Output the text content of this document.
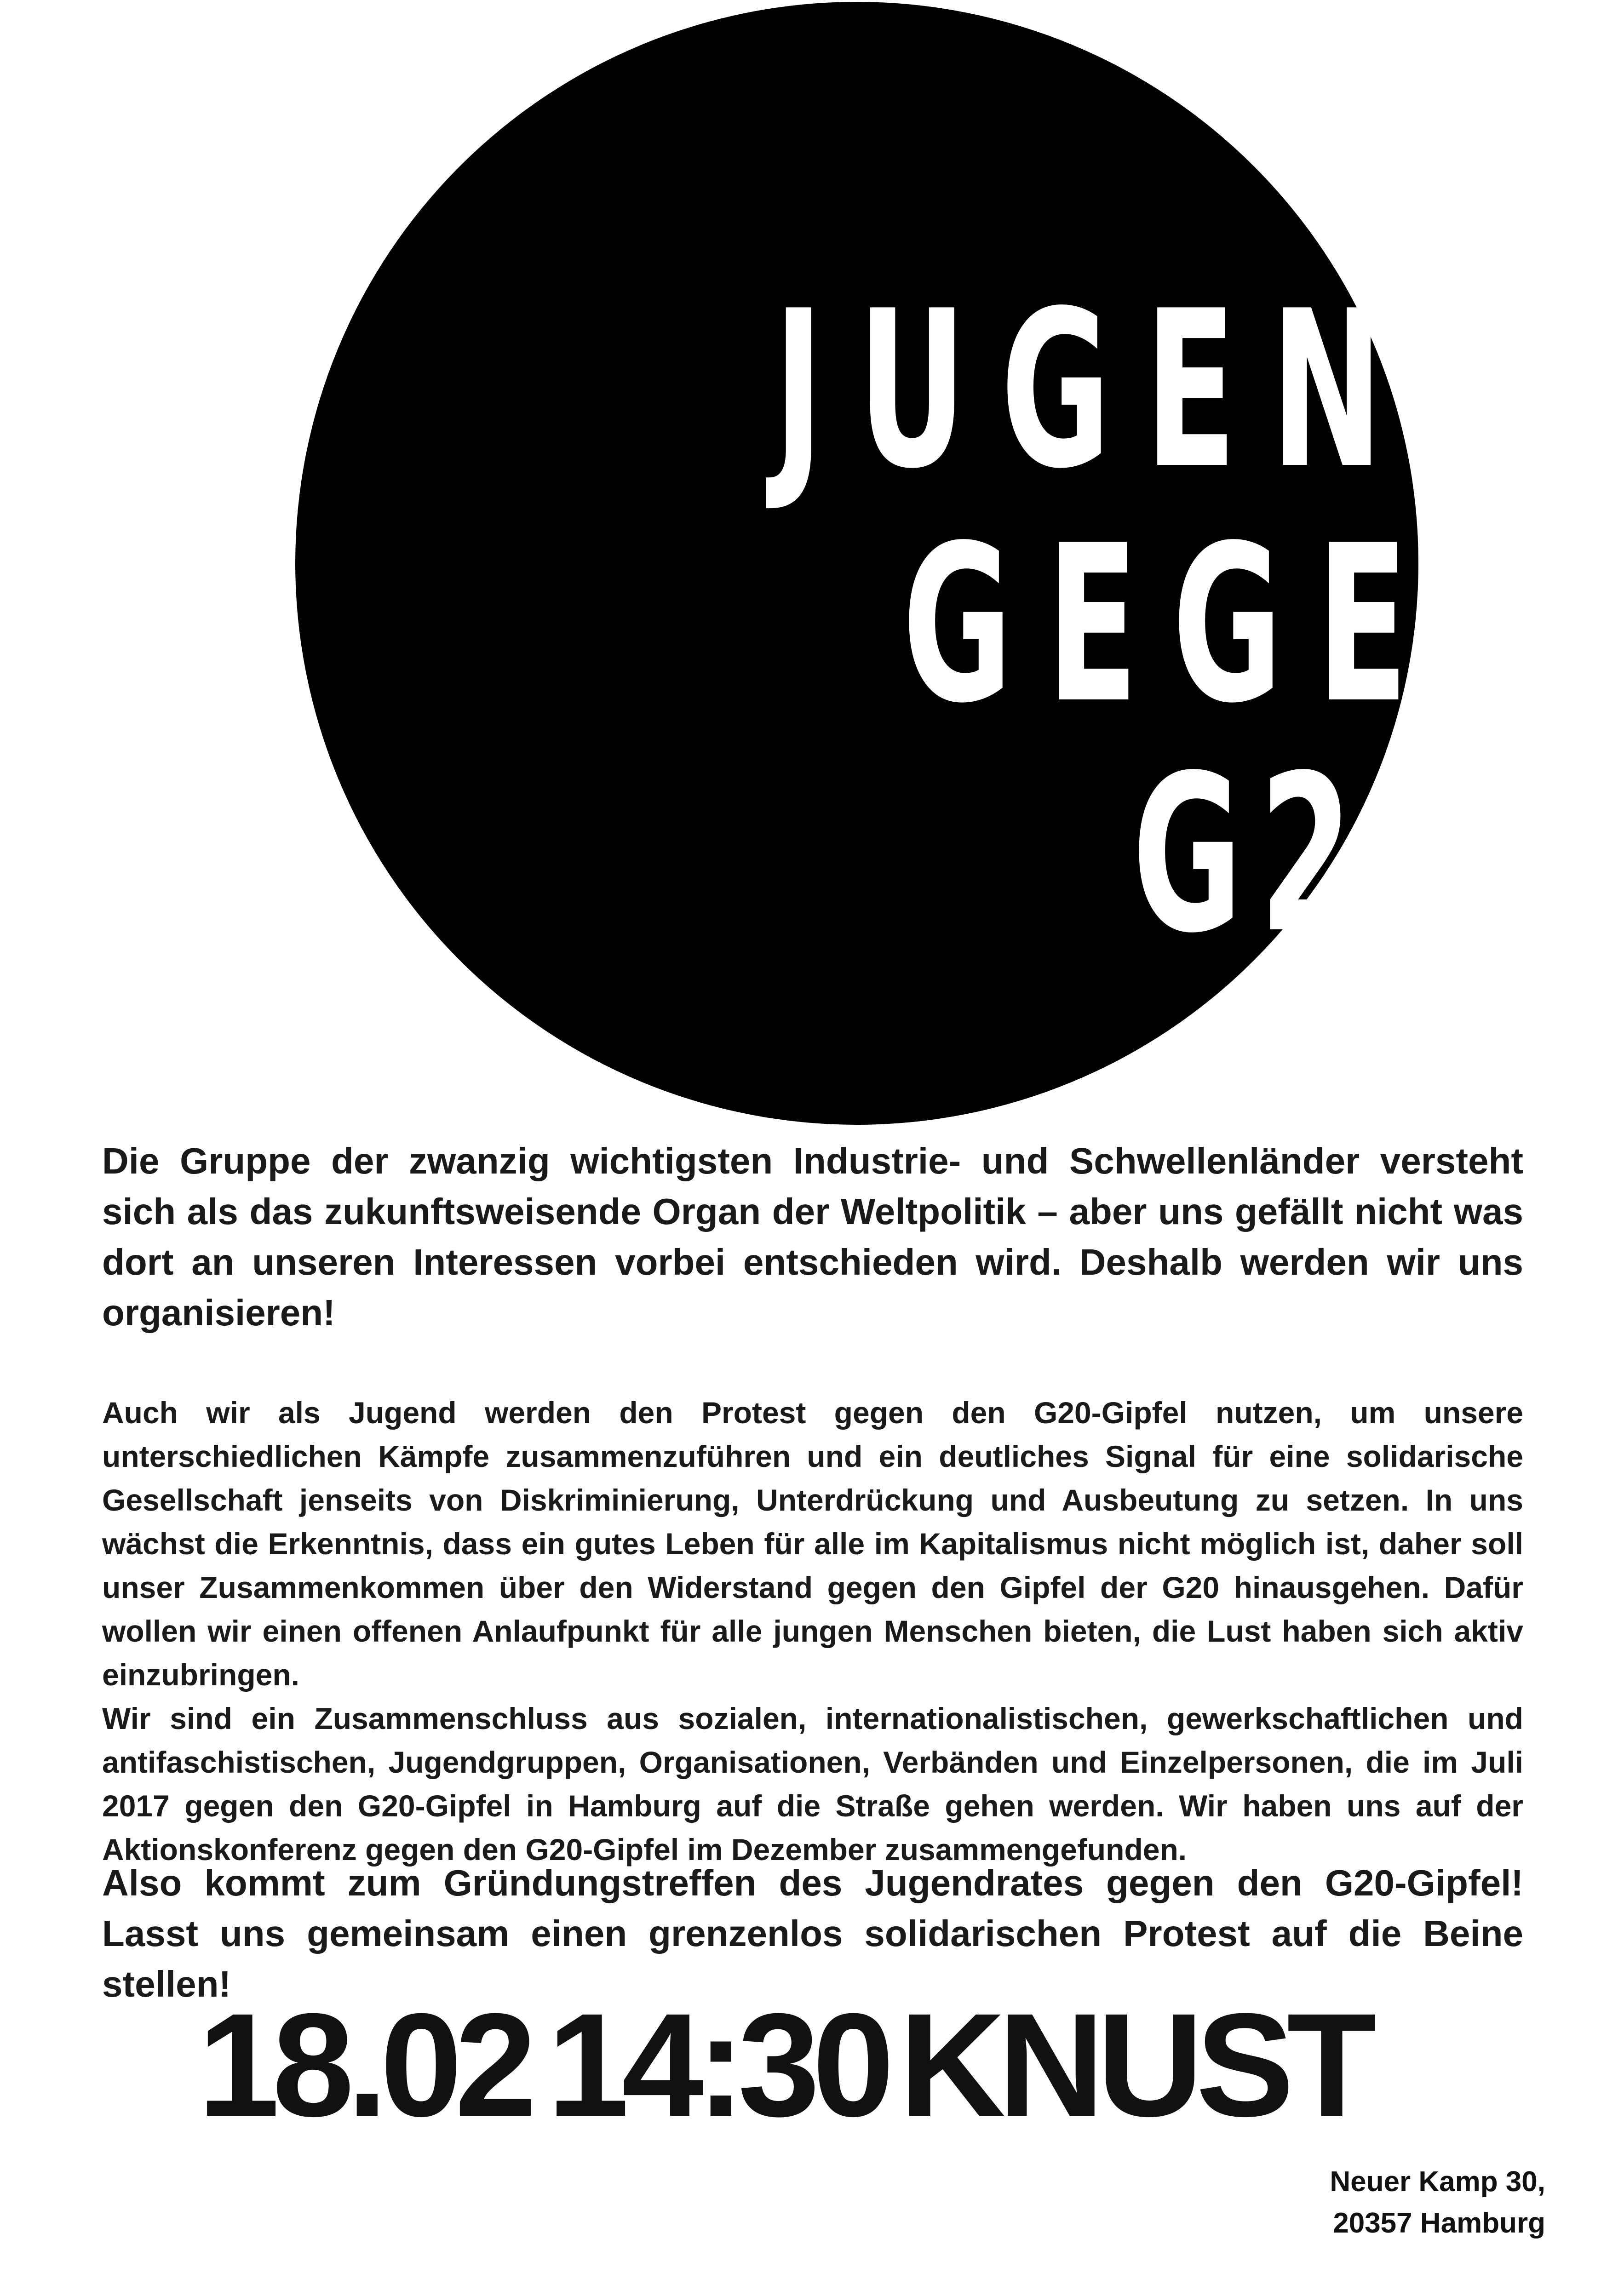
JUGEND
GEGEN
G20.

Die Gruppe der zwanzig wichtigsten Industrie- und Schwellenländer versteht sich als das zukunftsweisende Organ der Weltpolitik – aber uns gefällt nicht was dort an unseren Interessen vorbei entschieden wird. Deshalb werden wir uns organisieren!

Auch wir als Jugend werden den Protest gegen den G20-Gipfel nutzen, um unsere unterschiedlichen Kämpfe zusammenzuführen und ein deutliches Signal für eine solidarische Gesellschaft jenseits von Diskriminierung, Unterdrückung und Ausbeutung zu setzen. In uns wächst die Erkenntnis, dass ein gutes Leben für alle im Kapitalismus nicht möglich ist, daher soll unser Zusammenkommen über den Widerstand gegen den Gipfel der G20 hinausgehen. Dafür wollen wir einen offenen Anlaufpunkt für alle jungen Menschen bieten, die Lust haben sich aktiv einzubringen.
Wir sind ein Zusammenschluss aus sozialen, internationalistischen, gewerkschaftlichen und antifaschistischen, Jugendgruppen, Organisationen, Verbänden und Einzelpersonen, die im Juli 2017 gegen den G20-Gipfel in Hamburg auf die Straße gehen werden. Wir haben uns auf der Aktionskonferenz gegen den G20-Gipfel im Dezember zusammengefunden.

Also kommt zum Gründungstreffen des Jugendrates gegen den G20-Gipfel! Lasst uns gemeinsam einen grenzenlos solidarischen Protest auf die Beine stellen!

18.02 14:30 KNUST
Neuer Kamp 30,
20357 Hamburg
